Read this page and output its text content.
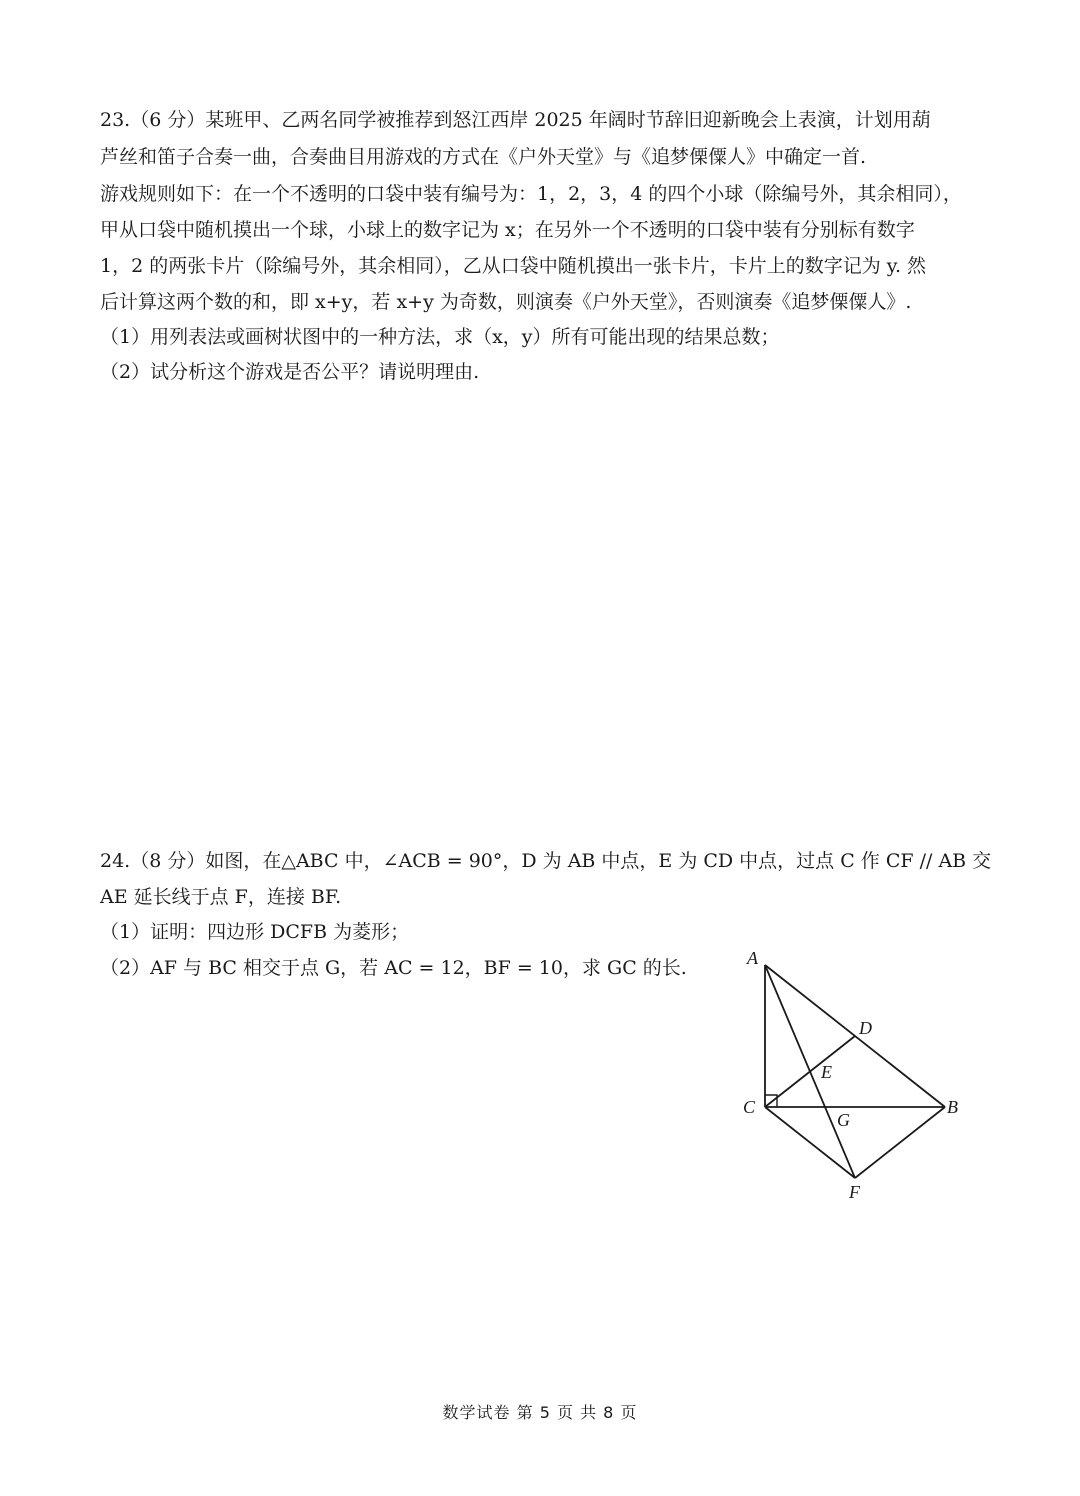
23.（6 分）某班甲、乙两名同学被推荐到怒江西岸 2025 年阔时节辞旧迎新晚会上表演，计划用葫
芦丝和笛子合奏一曲，合奏曲目用游戏的方式在《户外天堂》与《追梦傈僳人》中确定一首.
游戏规则如下：在一个不透明的口袋中装有编号为：1，2，3，4 的四个小球（除编号外，其余相同），
甲从口袋中随机摸出一个球，小球上的数字记为 x；在另外一个不透明的口袋中装有分别标有数字
1，2 的两张卡片（除编号外，其余相同），乙从口袋中随机摸出一张卡片，卡片上的数字记为 y. 然
后计算这两个数的和，即 x+y，若 x+y 为奇数，则演奏《户外天堂》，否则演奏《追梦傈僳人》.
（1）用列表法或画树状图中的一种方法，求（x，y）所有可能出现的结果总数；
（2）试分析这个游戏是否公平？请说明理由.
24.（8 分）如图，在△ABC 中，∠ACB = 90°，D 为 AB 中点，E 为 CD 中点，过点 C 作 CF // AB 交
AE 延长线于点 F，连接 BF.
（1）证明：四边形 DCFB 为菱形；
（2）AF 与 BC 相交于点 G，若 AC = 12，BF = 10，求 GC 的长.	A
D
E
C	B
G
F
数学试卷 第 5 页 共 8 页
